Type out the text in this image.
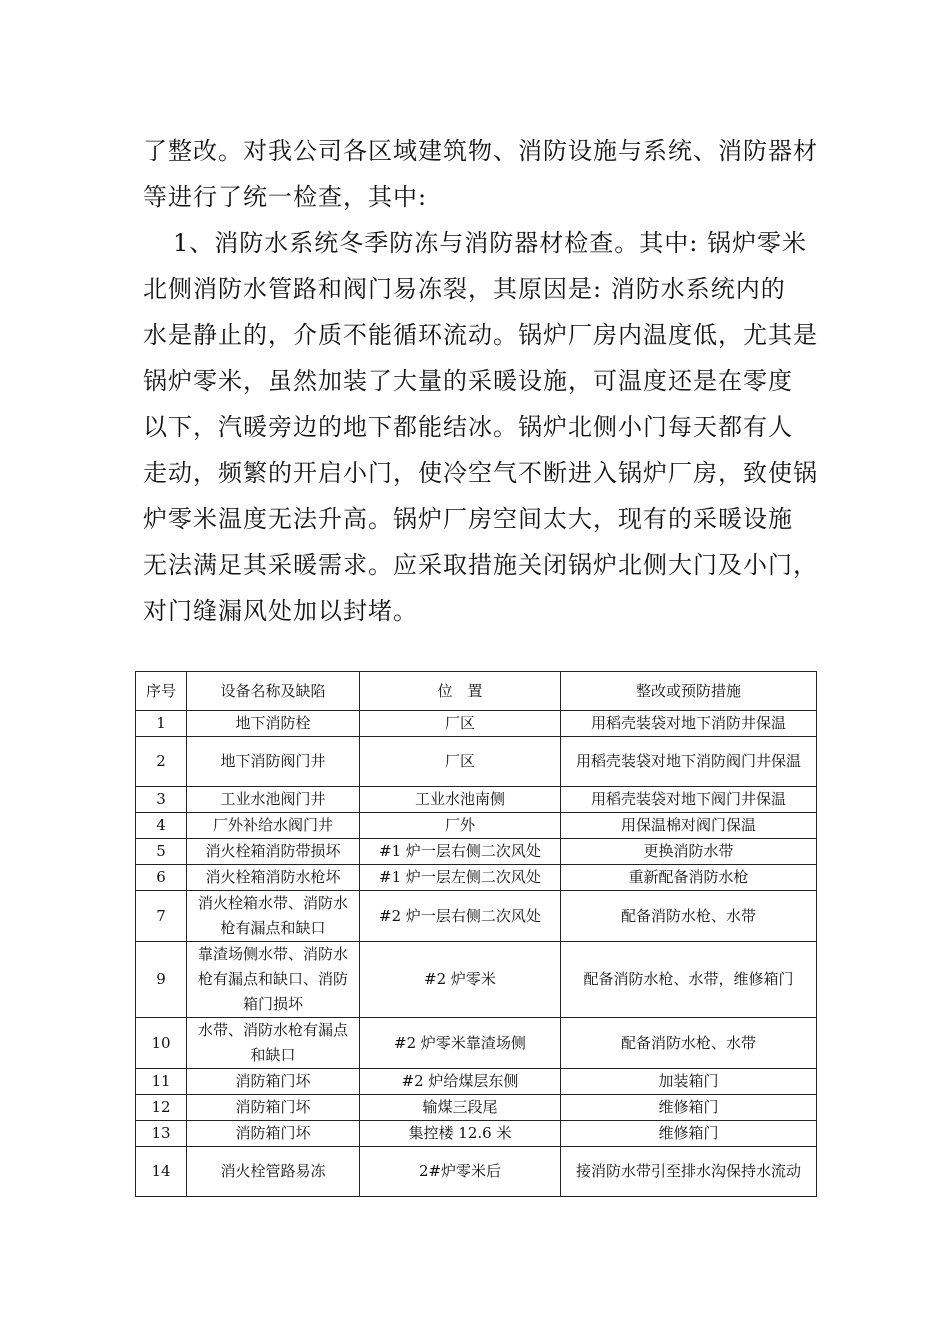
了整改。对我公司各区域建筑物、消防设施与系统、消防器材
等进行了统一检查，其中:
1、消防水系统冬季防冻与消防器材检查。其中: 锅炉零米
北侧消防水管路和阀门易冻裂，其原因是: 消防水系统内的
水是静止的，介质不能循环流动。锅炉厂房内温度低，尤其是
锅炉零米，虽然加装了大量的采暖设施，可温度还是在零度
以下，汽暖旁边的地下都能结冰。锅炉北侧小门每天都有人
走动，频繁的开启小门，使冷空气不断进入锅炉厂房，致使锅
炉零米温度无法升高。锅炉厂房空间太大，现有的采暖设施
无法满足其采暖需求。应采取措施关闭锅炉北侧大门及小门，
对门缝漏风处加以封堵。
序号	设备名称及缺陷	位　置	整改或预防措施
1	地下消防栓	厂区	用稻壳装袋对地下消防井保温
2	地下消防阀门井	厂区	用稻壳装袋对地下消防阀门井保温
3	工业水池阀门井	工业水池南侧	用稻壳装袋对地下阀门井保温
4	厂外补给水阀门井	厂外	用保温棉对阀门保温
5	消火栓箱消防带损坏	#1 炉一层右侧二次风处	更换消防水带
6	消火栓箱消防水枪坏	#1 炉一层左侧二次风处	重新配备消防水枪
7	消火栓箱水带、消防水枪有漏点和缺口	#2 炉一层右侧二次风处	配备消防水枪、水带
9	靠渣场侧水带、消防水枪有漏点和缺口、消防箱门损坏	#2 炉零米	配备消防水枪、水带，维修箱门
10	水带、消防水枪有漏点和缺口	#2 炉零米靠渣场侧	配备消防水枪、水带
11	消防箱门坏	#2 炉给煤层东侧	加装箱门
12	消防箱门坏	输煤三段尾	维修箱门
13	消防箱门坏	集控楼 12.6 米	维修箱门
14	消火栓管路易冻	2#炉零米后	接消防水带引至排水沟保持水流动
